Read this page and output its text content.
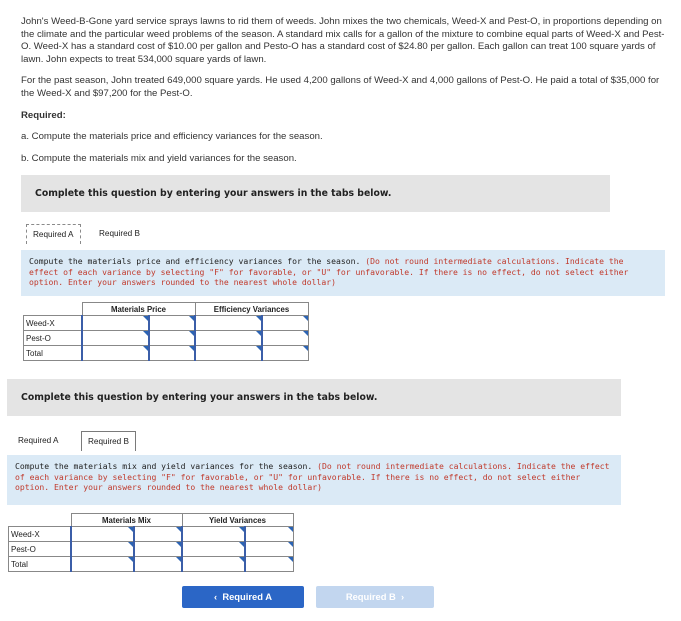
John's Weed-B-Gone yard service sprays lawns to rid them of weeds. John mixes the two chemicals, Weed-X and Pest-O, in proportions depending on the climate and the particular weed problems of the season. A standard mix calls for a gallon of the mixture to combine equal parts of Weed-X and Pest-O. Weed-X has a standard cost of $10.00 per gallon and Pesto-O has a standard cost of $24.80 per gallon. Each gallon can treat 100 square yards of lawn. John expects to treat 534,000 square yards of lawn.

For the past season, John treated 649,000 square yards. He used 4,200 gallons of Weed-X and 4,000 gallons of Pest-O. He paid a total of $35,000 for the Weed-X and $97,200 for the Pest-O.

Required:

a. Compute the materials price and efficiency variances for the season.

b. Compute the materials mix and yield variances for the season.

Complete this question by entering your answers in the tabs below.
Required A	Required B
Compute the materials price and efficiency variances for the season. (Do not round intermediate calculations. Indicate the effect of each variance by selecting "F" for favorable, or "U" for unfavorable. If there is no effect, do not select either option. Enter your answers rounded to the nearest whole dollar)
	Materials Price		Efficiency Variances	
Weed-X				
Pest-O				
Total				
Complete this question by entering your answers in the tabs below.
Required A	Required B
Compute the materials mix and yield variances for the season. (Do not round intermediate calculations. Indicate the effect of each variance by selecting "F" for favorable, or "U" for unfavorable. If there is no effect, do not select either option. Enter your answers rounded to the nearest whole dollar)
	Materials Mix		Yield Variances	
Weed-X				
Pest-O				
Total				
‹ Required A	Required B ›
